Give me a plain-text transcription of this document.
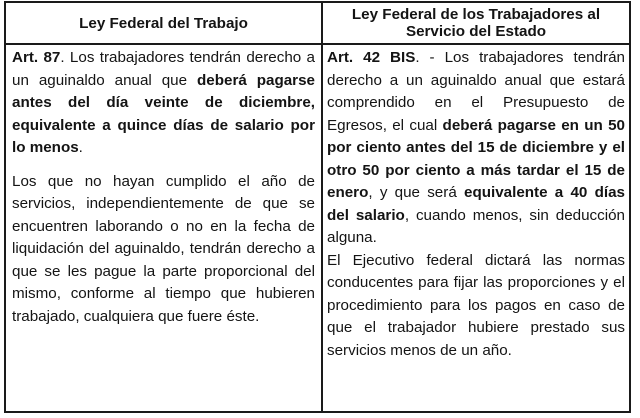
Ley Federal del Trabajo	Ley Federal de los Trabajadores al Servicio del Estado

Art. 87. Los trabajadores tendrán derecho a un aguinaldo anual que deberá pagarse antes del día veinte de diciembre, equivalente a quince días de salario por lo menos.

Los que no hayan cumplido el año de servicios, independientemente de que se encuentren laborando o no en la fecha de liquidación del aguinaldo, tendrán derecho a que se les pague la parte proporcional del mismo, conforme al tiempo que hubieren trabajado, cualquiera que fuere éste.

Art. 42 BIS. - Los trabajadores tendrán derecho a un aguinaldo anual que estará comprendido en el Presupuesto de Egresos, el cual deberá pagarse en un 50 por ciento antes del 15 de diciembre y el otro 50 por ciento a más tardar el 15 de enero, y que será equivalente a 40 días del salario, cuando menos, sin deducción alguna.

El Ejecutivo federal dictará las normas conducentes para fijar las proporciones y el procedimiento para los pagos en caso de que el trabajador hubiere prestado sus servicios menos de un año.
